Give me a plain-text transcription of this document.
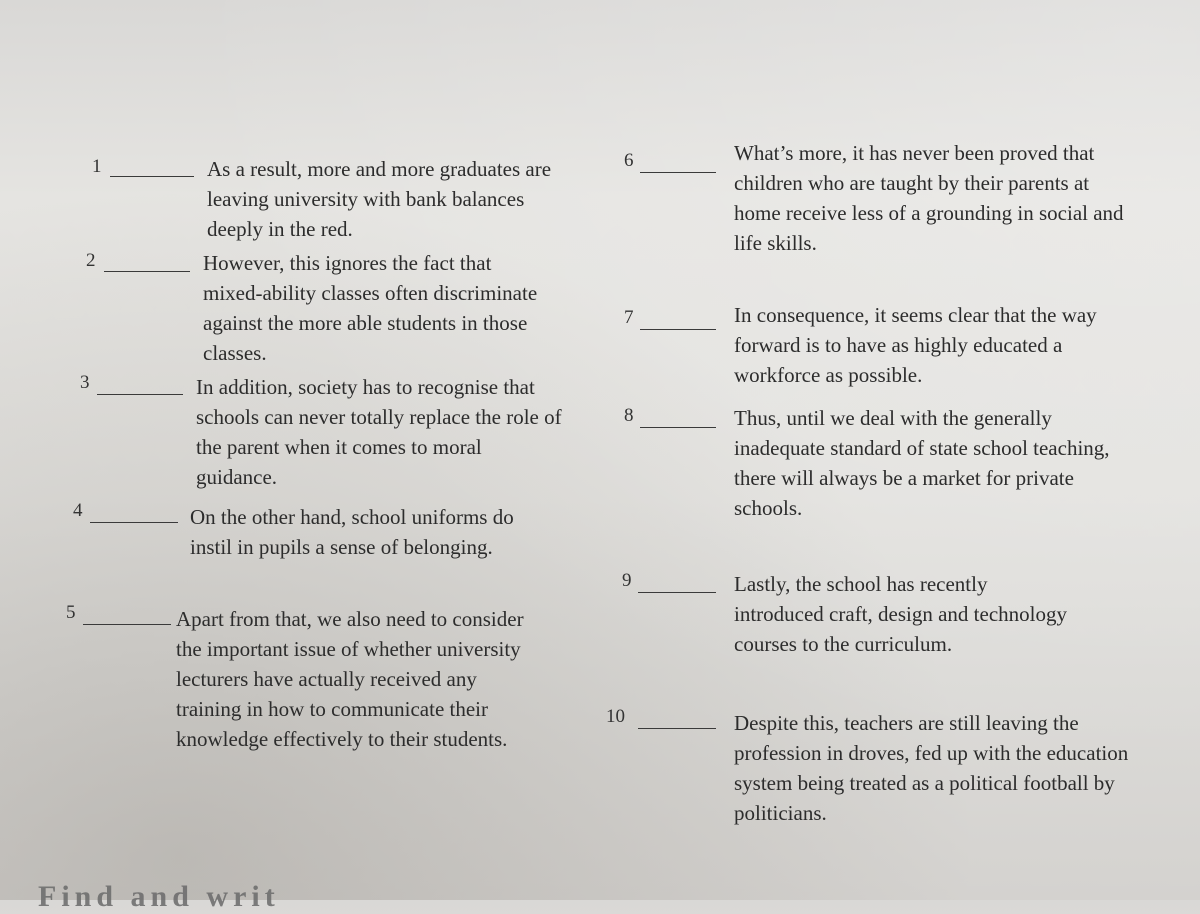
1	As a result, more and more graduates are leaving university with bank balances deeply in the red.
2	However, this ignores the fact that mixed-ability classes often discriminate against the more able students in those classes.
3	In addition, society has to recognise that schools can never totally replace the role of the parent when it comes to moral guidance.
4	On the other hand, school uniforms do instil in pupils a sense of belonging.
5	Apart from that, we also need to consider the important issue of whether university lecturers have actually received any training in how to communicate their knowledge effectively to their students.
6	What’s more, it has never been proved that children who are taught by their parents at home receive less of a grounding in social and life skills.
7	In consequence, it seems clear that the way forward is to have as highly educated a workforce as possible.
8	Thus, until we deal with the generally inadequate standard of state school teaching, there will always be a market for private schools.
9	Lastly, the school has recently introduced craft, design and technology courses to the curriculum.
10	Despite this, teachers are still leaving the profession in droves, fed up with the education system being treated as a political football by politicians.
Find and writ
